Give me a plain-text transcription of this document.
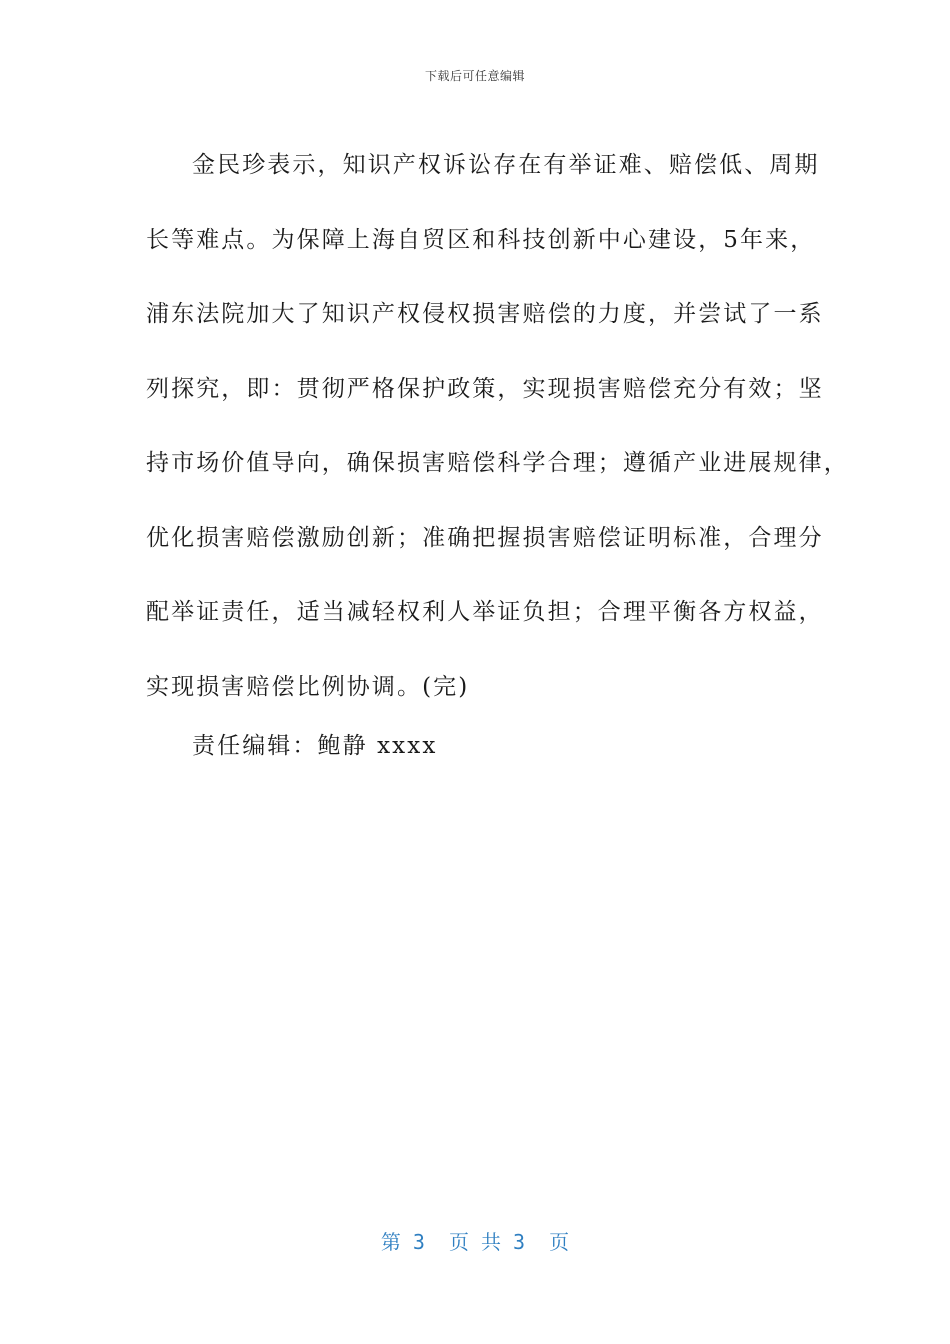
下载后可任意编辑
金民珍表示，知识产权诉讼存在有举证难、赔偿低、周期
长等难点。为保障上海自贸区和科技创新中心建设，5年来，
浦东法院加大了知识产权侵权损害赔偿的力度，并尝试了一系
列探究，即：贯彻严格保护政策，实现损害赔偿充分有效；坚
持市场价值导向，确保损害赔偿科学合理；遵循产业进展规律，
优化损害赔偿激励创新；准确把握损害赔偿证明标准，合理分
配举证责任，适当减轻权利人举证负担；合理平衡各方权益，
实现损害赔偿比例协调。(完)
责任编辑：鲍静 xxxx
第 3  页 共 3  页
